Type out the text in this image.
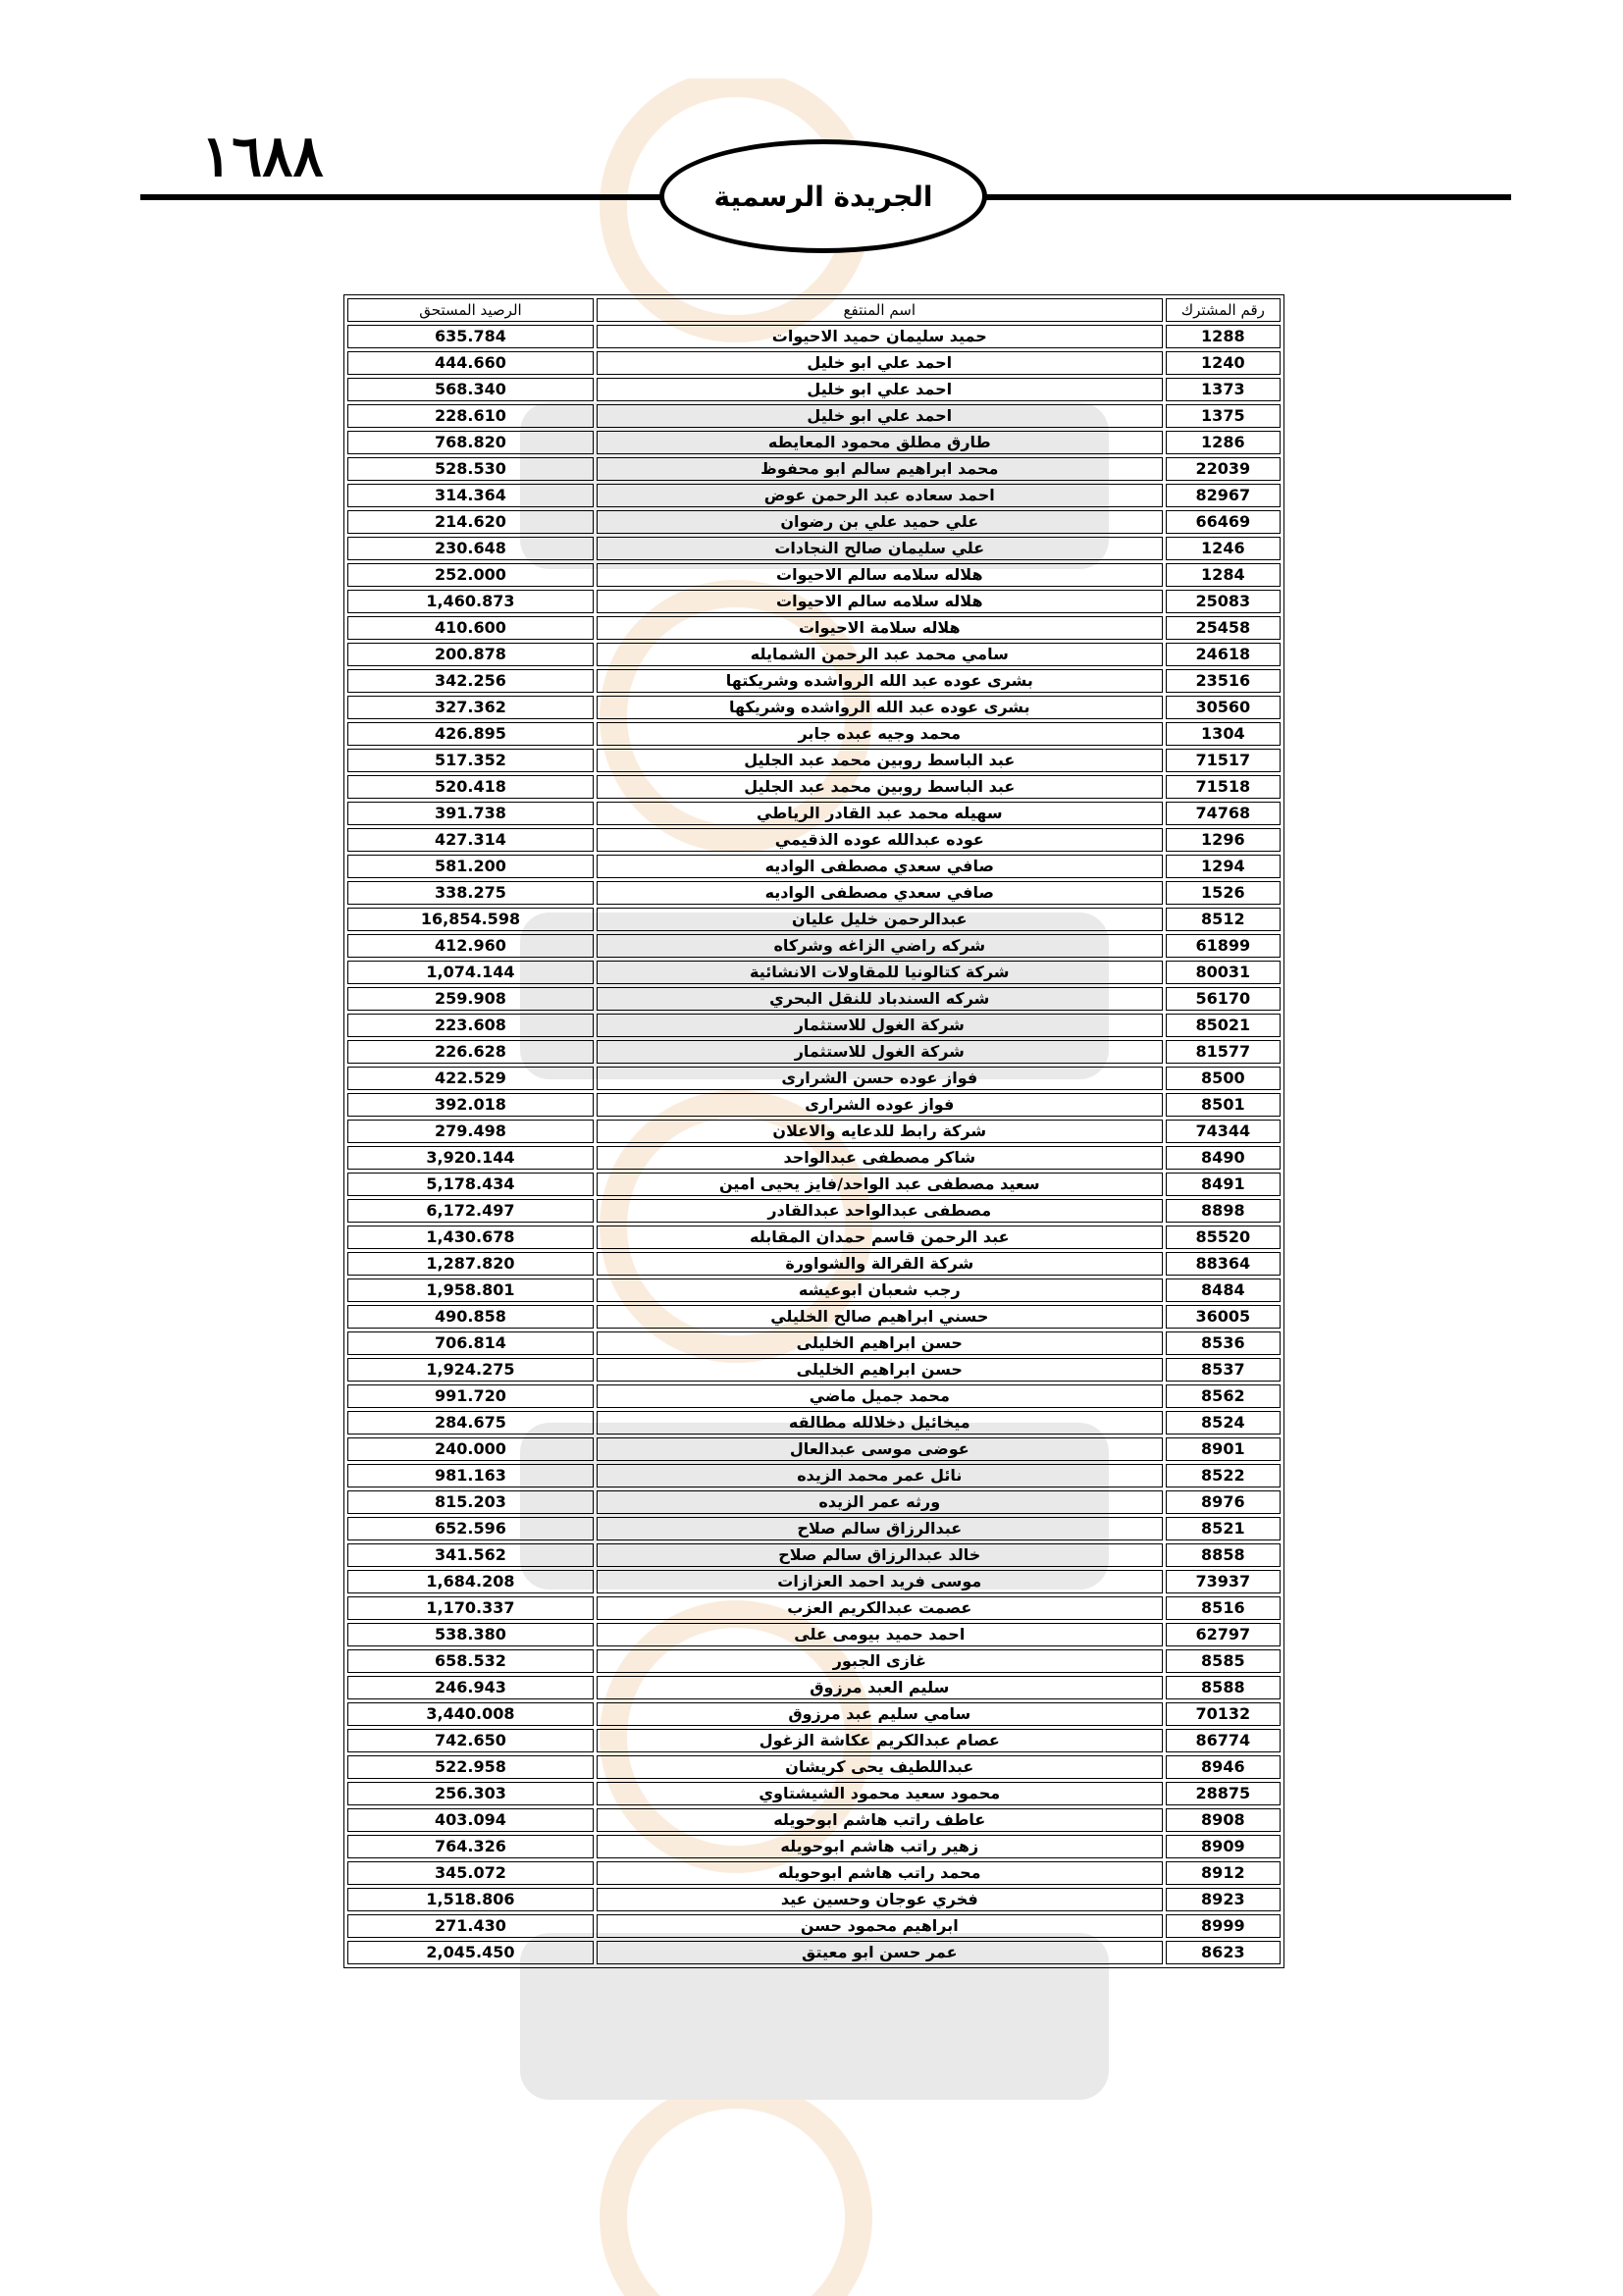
١٦٨٨
الجريدة الرسمية
رقم المشترك	اسم المنتفع	الرصيد المستحق
1288	حميد سليمان حميد الاحيوات	635.784
1240	احمد علي ابو خليل	444.660
1373	احمد علي ابو خليل	568.340
1375	احمد علي ابو خليل	228.610
1286	طارق مطلق محمود المعايطه	768.820
22039	محمد ابراهيم سالم ابو محفوظ	528.530
82967	احمد سعاده عبد الرحمن عوض	314.364
66469	علي حميد علي بن رضوان	214.620
1246	علي سليمان صالح النجادات	230.648
1284	هلاله سلامه سالم الاحيوات	252.000
25083	هلاله سلامه سالم الاحيوات	1,460.873
25458	هلاله سلامة الاحيوات	410.600
24618	سامي محمد عبد الرحمن الشمايله	200.878
23516	بشرى عوده عبد الله الرواشده وشريكتها	342.256
30560	بشرى عوده عبد الله الرواشده وشريكها	327.362
1304	محمد وجيه عبده جابر	426.895
71517	عبد الباسط روبين محمد عبد الجليل	517.352
71518	عبد الباسط روبين محمد عبد الجليل	520.418
74768	سهيله محمد عبد القادر الرياطي	391.738
1296	عوده عبدالله عوده الذقيمي	427.314
1294	صافي سعدي مصطفى الواديه	581.200
1526	صافي سعدي مصطفى الواديه	338.275
8512	عبدالرحمن خليل عليان	16,854.598
61899	شركه راضي الزاغه وشركاه	412.960
80031	شركة كتالونيا للمقاولات الانشائية	1,074.144
56170	شركه السندباد للنقل البحري	259.908
85021	شركة الغول للاستثمار	223.608
81577	شركة الغول للاستثمار	226.628
8500	فواز عوده حسن الشرارى	422.529
8501	فواز عوده الشرارى	392.018
74344	شركة رابط للدعايه والاعلان	279.498
8490	شاكر مصطفى عبدالواحد	3,920.144
8491	سعيد مصطفى عبد الواحد/فايز يحيى امين	5,178.434
8898	مصطفى عبدالواحد عبدالقادر	6,172.497
85520	عبد الرحمن قاسم حمدان المقابله	1,430.678
88364	شركة القرالة والشواورة	1,287.820
8484	رجب شعبان ابوعيشه	1,958.801
36005	حسني ابراهيم صالح الخليلي	490.858
8536	حسن ابراهيم الخليلى	706.814
8537	حسن ابراهيم الخليلى	1,924.275
8562	محمد جميل ماضي	991.720
8524	ميخائيل دخلالله مطالقه	284.675
8901	عوضى موسى عبدالعال	240.000
8522	نائل عمر محمد الزيده	981.163
8976	ورثه عمر الزيده	815.203
8521	عبدالرزاق سالم صلاح	652.596
8858	خالد عبدالرزاق سالم صلاح	341.562
73937	موسى فريد احمد العزازات	1,684.208
8516	عصمت عبدالكريم العزب	1,170.337
62797	احمد حميد بيومى على	538.380
8585	غازى الجبور	658.532
8588	سليم العبد مرزوق	246.943
70132	سامي سليم عبد مرزوق	3,440.008
86774	عصام عبدالكريم عكاشة الزغول	742.650
8946	عبداللطيف يحى كريشان	522.958
28875	محمود سعيد محمود الشيشتاوي	256.303
8908	عاطف راتب هاشم ابوحويله	403.094
8909	زهير راتب هاشم ابوحويله	764.326
8912	محمد راتب هاشم ابوحويله	345.072
8923	فخري عوجان وحسين عيد	1,518.806
8999	ابراهيم محمود حسن	271.430
8623	عمر حسن ابو معيتق	2,045.450
